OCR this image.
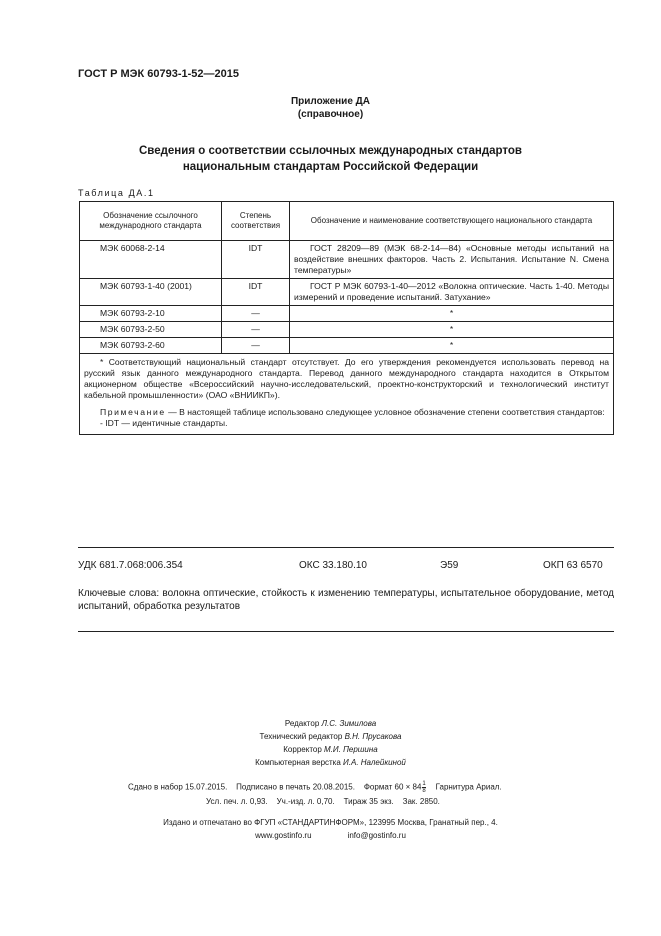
ГОСТ Р МЭК 60793-1-52—2015
Приложение ДА
(справочное)
Сведения о соответствии ссылочных международных стандартов
национальным стандартам Российской Федерации
Таблица ДА.1
Обозначение ссылочного международного стандарта	Степень соответствия	Обозначение и наименование соответствующего национального стандарта
МЭК 60068-2-14	IDT	ГОСТ 28209—89 (МЭК 68-2-14—84) «Основные методы испытаний на воздействие внешних факторов. Часть 2. Испытания. Испытание N. Смена температуры»
МЭК 60793-1-40 (2001)	IDT	ГОСТ Р МЭК 60793-1-40—2012 «Волокна оптические. Часть 1-40. Методы измерений и проведение испытаний. Затухание»
МЭК 60793-2-10	—	*
МЭК 60793-2-50	—	*
МЭК 60793-2-60	—	*

* Соответствующий национальный стандарт отсутствует. До его утверждения рекомендуется использовать перевод на русский язык данного международного стандарта. Перевод данного международного стандарта находится в Открытом акционерном обществе «Всероссийский научно-исследовательский, проектно-конструкторский и технологический институт кабельной промышленности» (ОАО «ВНИИКП»).

Примечание — В настоящей таблице использовано следующее условное обозначение степени соответствия стандартов:

- IDT — идентичные стандарты.		

УДК 681.7.068:006.354	ОКС 33.180.10	Э59	ОКП 63 6570
Ключевые слова: волокна оптические, стойкость к изменению температуры, испытательное оборудование, метод испытаний, обработка результатов
Редактор Л.С. Зимилова
Технический редактор В.Н. Прусакова
Корректор М.И. Першина
Компьютерная верстка И.А. Налейкиной
Сдано в набор 15.07.2015.    Подписано в печать 20.08.2015.    Формат $60 \times 84 \frac{1}{8}$ Гарнитура Ариал.
Усл. печ. л. 0,93.    Уч.-изд. л. 0,70.    Тираж 35 экз.    Зак. 2850.
Издано и отпечатано во ФГУП «СТАНДАРТИНФОРМ», 123995 Москва, Гранатный пер., 4.
www.gostinfo.ru	info@gostinfo.ru
